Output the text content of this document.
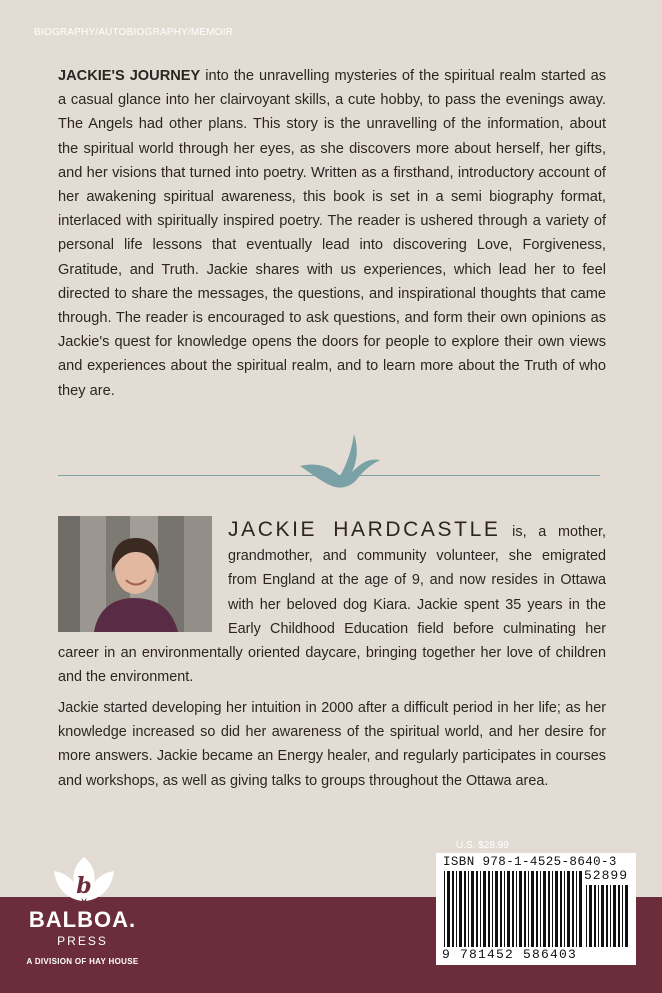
BIOGRAPHY/AUTOBIOGRAPHY/MEMOIR

JACKIE'S JOURNEY into the unravelling mysteries of the spiritual realm started as a casual glance into her clairvoyant skills, a cute hobby, to pass the evenings away. The Angels had other plans. This story is the unravelling of the information, about the spiritual world through her eyes, as she discovers more about herself, her gifts, and her visions that turned into poetry. Written as a firsthand, introductory account of her awakening spiritual awareness, this book is set in a semi biography format, interlaced with spiritually inspired poetry. The reader is ushered through a variety of personal life lessons that eventually lead into discovering Love, Forgiveness, Gratitude, and Truth. Jackie shares with us experiences, which lead her to feel directed to share the messages, the questions, and inspirational thoughts that came through. The reader is encouraged to ask questions, and form their own opinions as Jackie's quest for knowledge opens the doors for people to explore their own views and experiences about the spiritual realm, and to learn more about the Truth of who they are.

JACKIE HARDCASTLE is, a mother, grandmother, and community volunteer, she emigrated from England at the age of 9, and now resides in Ottawa with her beloved dog Kiara. Jackie spent 35 years in the Early Childhood Education field before culminating her career in an environmentally oriented daycare, bringing together her love of children and the environment.

Jackie started developing her intuition in 2000 after a difficult period in her life; as her knowledge increased so did her awareness of the spiritual world, and her desire for more answers. Jackie became an Energy healer, and regularly participates in courses and workshops, as well as giving talks to groups throughout the Ottawa area.

b
BALBOA.
PRESS
A DIVISION OF HAY HOUSE
U.S. $28.99
ISBN 978-1-4525-8640-3
52899
9 781452 586403
